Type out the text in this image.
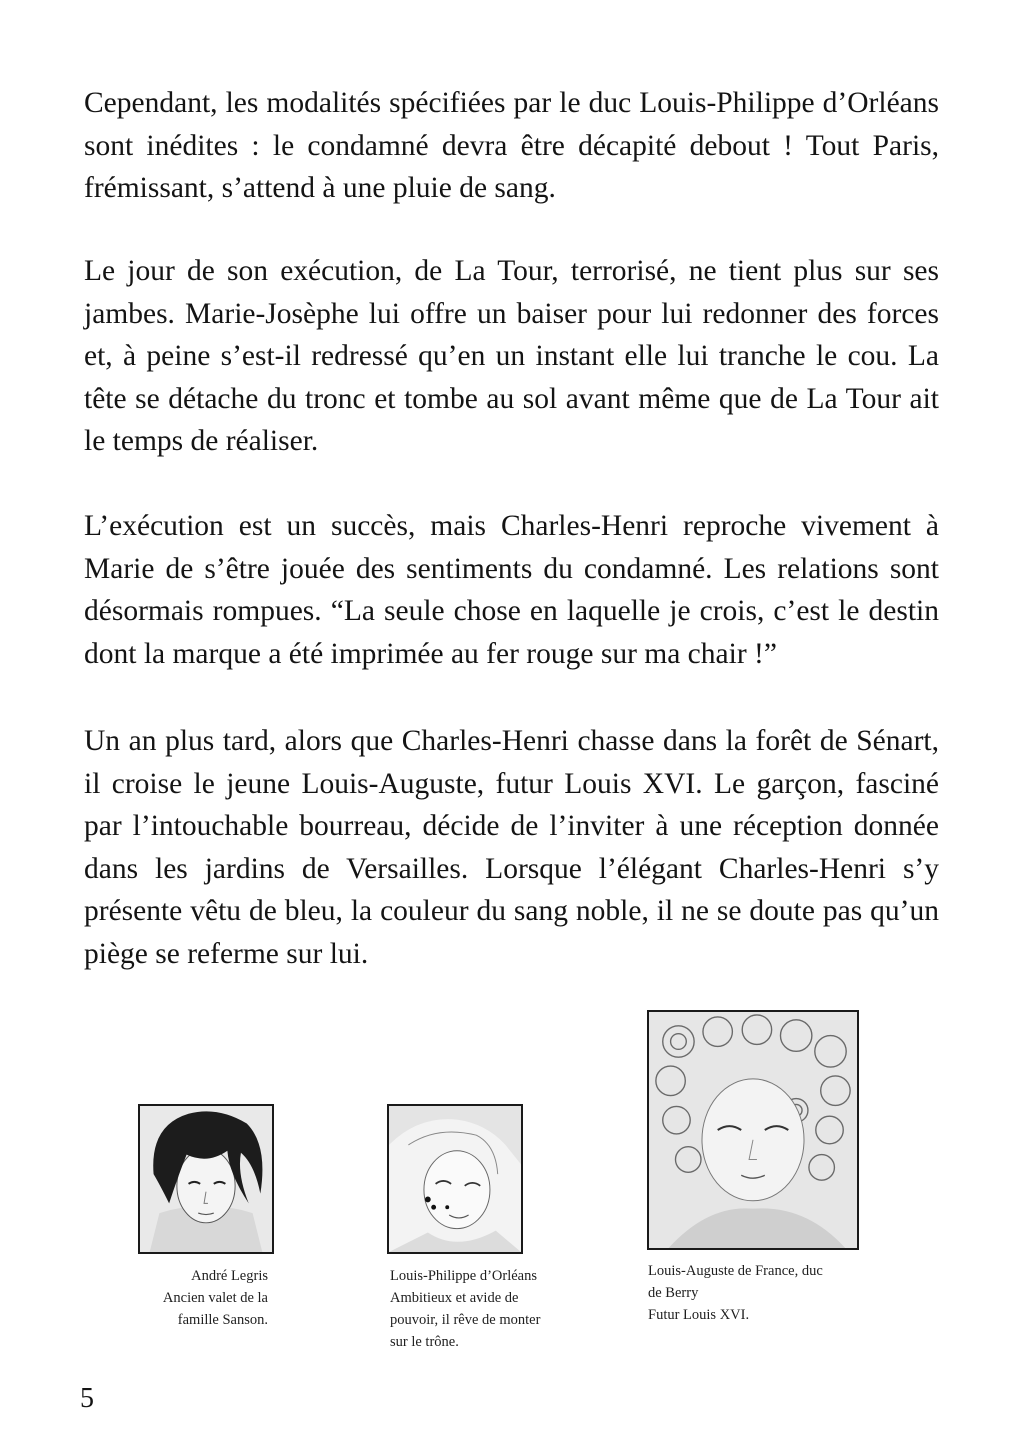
Cependant, les modalités spécifiées par le duc Louis-Philippe d’Orléans sont inédites : le condamné devra être décapité debout ! Tout Paris, frémissant, s’attend à une pluie de sang.

Le jour de son exécution, de La Tour, terrorisé, ne tient plus sur ses jambes. Marie-Josèphe lui offre un baiser pour lui redonner des forces et, à peine s’est-il redressé qu’en un instant elle lui tranche le cou. La tête se détache du tronc et tombe au sol avant même que de La Tour ait le temps de réaliser.

L’exécution est un succès, mais Charles-Henri reproche vivement à Marie de s’être jouée des sentiments du condamné. Les relations sont désormais rompues. “La seule chose en laquelle je crois, c’est le destin dont la marque a été imprimée au fer rouge sur ma chair !”

Un an plus tard, alors que Charles-Henri chasse dans la forêt de Sénart, il croise le jeune Louis-Auguste, futur Louis XVI. Le garçon, fasciné par l’intouchable bourreau, décide de l’inviter à une réception donnée dans les jardins de Versailles. Lorsque l’élégant Charles-Henri s’y présente vêtu de bleu, la couleur du sang noble, il ne se doute pas qu’un piège se referme sur lui.

André Legris
Ancien valet de la
famille Sanson.
Louis-Philippe d’Orléans
Ambitieux et avide de
pouvoir, il rêve de monter
sur le trône.
Louis-Auguste de France, duc
de Berry
Futur Louis XVI.

5
